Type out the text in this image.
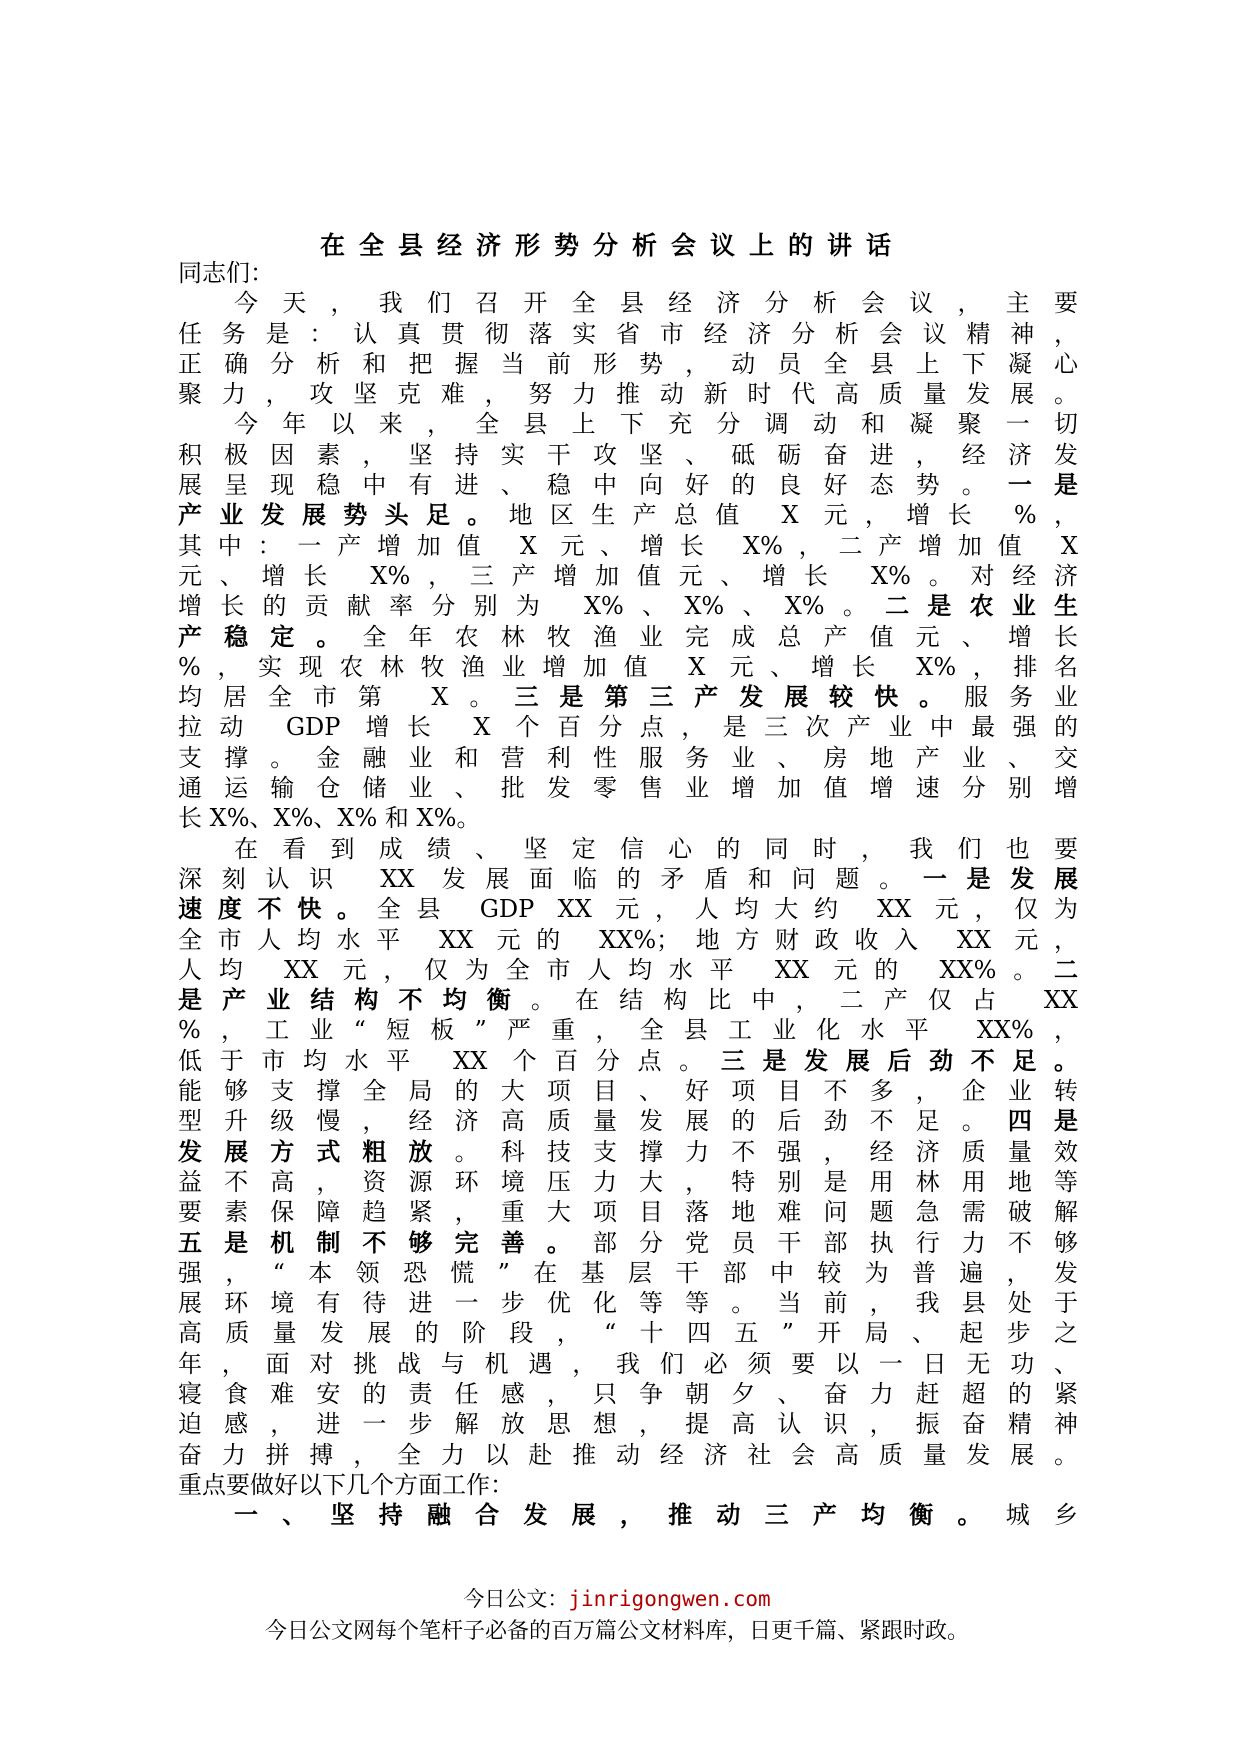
在全县经济形势分析会议上的讲话
同志们：
今天，我们召开全县经济分析会议，主要
任务是：认真贯彻落实省市经济分析会议精神，
正确分析和把握当前形势，动员全县上下凝心
聚力，攻坚克难，努力推动新时代高质量发展。
今年以来，全县上下充分调动和凝聚一切
积极因素，坚持实干攻坚、砥砺奋进，经济发
展呈现稳中有进、稳中向好的良好态势。一是
产业发展势头足。地区生产总值 X 元，增长 %，
其中：一产增加值 X 元、增长 X%，二产增加值 X
元、增长 X%，三产增加值元、增长 X%。对经济
增长的贡献率分别为 X%、X%、X%。二是农业生
产稳定。全年农林牧渔业完成总产值元、增长
%，实现农林牧渔业增加值 X 元、增长 X%，排名
均居全市第 X。三是第三产发展较快。服务业
拉动 GDP 增长 X 个百分点，是三次产业中最强的
支撑。金融业和营利性服务业、房地产业、交
通运输仓储业、批发零售业增加值增速分别增
长 X%、X%、X% 和 X%。
在看到成绩、坚定信心的同时，我们也要
深刻认识 XX 发展面临的矛盾和问题。一是发展
速度不快。全县 GDP XX 元，人均大约 XX 元，仅为
全市人均水平 XX 元的 XX%；地方财政收入 XX 元，
人均 XX 元，仅为全市人均水平 XX 元的 XX%。二
是产业结构不均衡。在结构比中，二产仅占 XX
%，工业“短板”严重，全县工业化水平 XX%，
低于市均水平 XX 个百分点。三是发展后劲不足。
能够支撑全局的大项目、好项目不多，企业转
型升级慢，经济高质量发展的后劲不足。四是
发展方式粗放。科技支撑力不强，经济质量效
益不高，资源环境压力大，特别是用林用地等
要素保障趋紧，重大项目落地难问题急需破解
五是机制不够完善。部分党员干部执行力不够
强，“本领恐慌”在基层干部中较为普遍，发
展环境有待进一步优化等等。当前，我县处于
高质量发展的阶段，“十四五”开局、起步之
年，面对挑战与机遇，我们必须要以一日无功、
寝食难安的责任感，只争朝夕、奋力赶超的紧
迫感，进一步解放思想，提高认识，振奋精神
奋力拼搏，全力以赴推动经济社会高质量发展。
重点要做好以下几个方面工作：
一、坚持融合发展，推动三产均衡。城乡
今日公文：jinrigongwen.com
今日公文网每个笔杆子必备的百万篇公文材料库，日更千篇、紧跟时政。
